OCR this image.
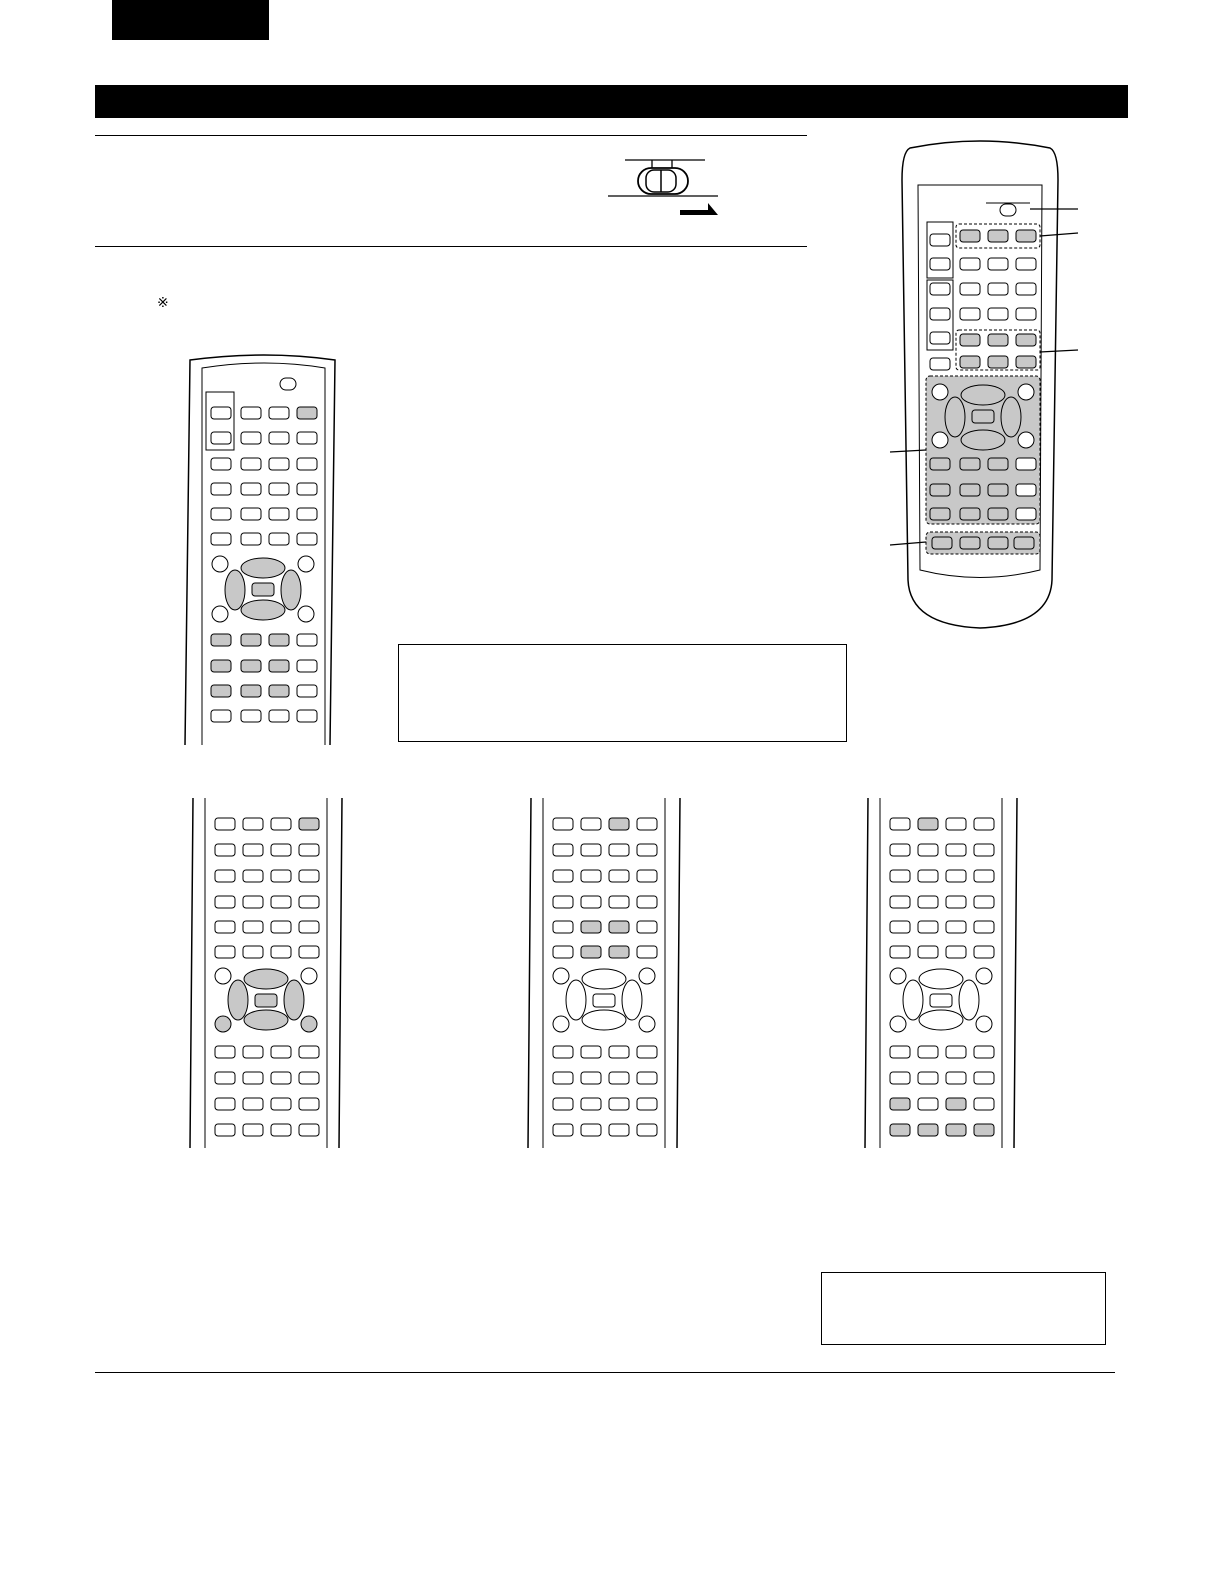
※
